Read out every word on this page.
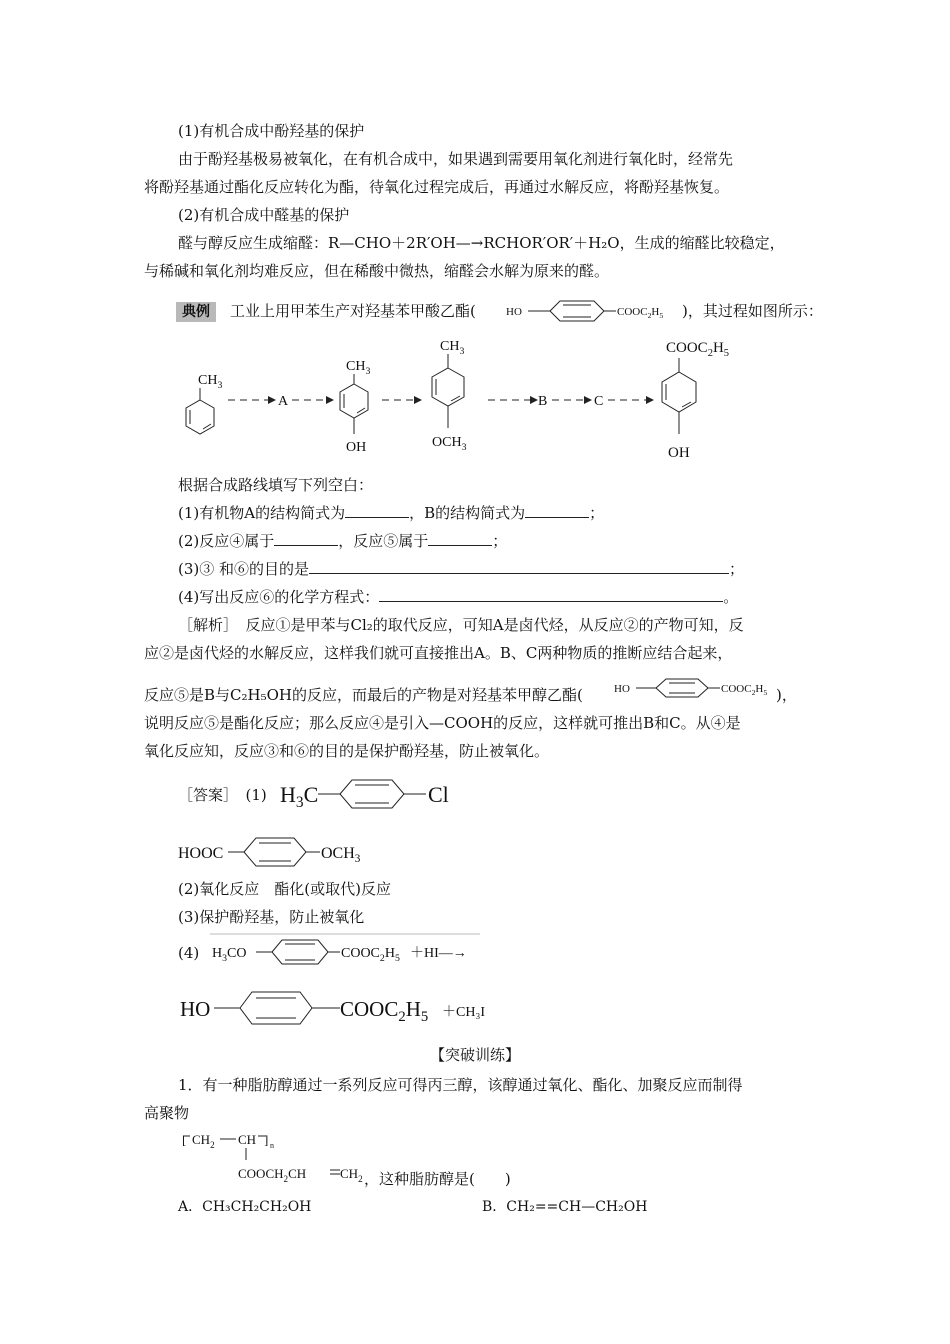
(1)有机合成中酚羟基的保护
由于酚羟基极易被氧化，在有机合成中，如果遇到需要用氧化剂进行氧化时，经常先
将酚羟基通过酯化反应转化为酯，待氧化过程完成后，再通过水解反应，将酚羟基恢复。
(2)有机合成中醛基的保护
醛与醇反应生成缩醛：R—CHO＋2R′OH—→RCHOR′OR′＋H₂O，生成的缩醛比较稳定，
与稀碱和氧化剂均难反应，但在稀酸中微热，缩醛会水解为原来的醛。
典例 工业上用甲苯生产对羟基苯甲酸乙酯(	HO	$COOC_2H_5$ )，其过程如图所示：
$CH_3$
A
$CH_3$
OH
$CH_3$
$OCH_3$
B	C
$COOC_2H_5$
OH
根据合成路线填写下列空白：
(1)有机物A的结构简式为	，B的结构简式为	；
(2)反应④属于	，反应⑤属于	；
(3)③ 和⑥的目的是	；
(4)写出反应⑥的化学方程式：	。
［解析］　反应①是甲苯与Cl₂的取代反应，可知A是卤代烃，从反应②的产物可知，反
应②是卤代烃的水解反应，这样我们就可直接推出A。B、C两种物质的推断应结合起来，
反应⑤是B与C₂H₅OH的反应，而最后的产物是对羟基苯甲醇乙酯(	HO	$COOC_2H_5$ )，
说明反应⑤是酯化反应；那么反应④是引入—COOH的反应，这样就可推出B和C。从④是
氧化反应知，反应③和⑥的目的是保护酚羟基，防止被氧化。
［答案］　(1) $H_3C$	Cl
HOOC	$OCH_3$
(2)氧化反应　酯化(或取代)反应
(3)保护酚羟基，防止被氧化
(4) $H_3CO$	$COOC_2H_5$ ＋HI—→
HO	$COOC_2H_5 +CH_3I$
【突破训练】
1．有一种脂肪醇通过一系列反应可得丙三醇，该醇通过氧化、酯化、加聚反应而制得
高聚物
[ $CH_2$ CH ] n
$COOCH_2CH$	$CH_2$ ，这种脂肪醇是(　　)
A．CH₃CH₂CH₂OH	B．CH₂==CH—CH₂OH
